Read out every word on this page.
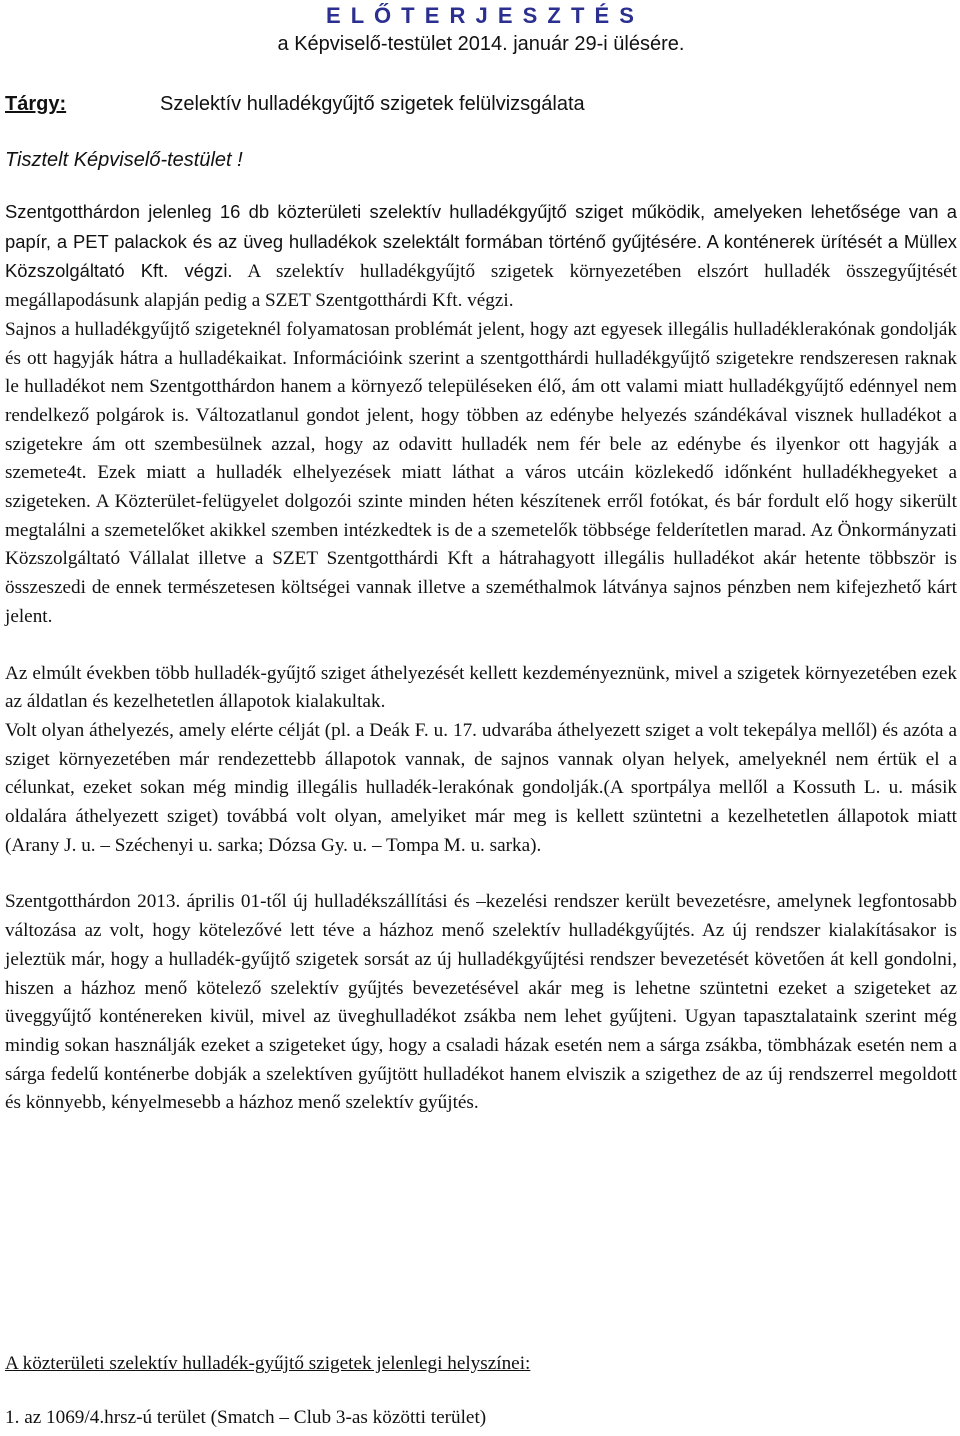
E L Ő T E R J E S Z T É S

a Képviselő-testület 2014. január 29-i ülésére.

Tárgy:	Szelektív hulladékgyűjtő szigetek felülvizsgálata
Tisztelt Képviselő-testület !

Szentgotthárdon jelenleg 16 db közterületi szelektív hulladékgyűjtő sziget működik, amelyeken lehetősége van a papír, a PET palackok és az üveg hulladékok szelektált formában történő gyűjtésére. A konténerek ürítését a Müllex Közszolgáltató Kft. végzi. A szelektív hulladékgyűjtő szigetek környezetében elszórt hulladék összegyűjtését megállapodásunk alapján pedig a SZET Szentgotthárdi Kft. végzi.

Sajnos a hulladékgyűjtő szigeteknél folyamatosan problémát jelent, hogy azt egyesek illegális hulladéklerakónak gondolják és ott hagyják hátra a hulladékaikat. Információink szerint a szentgotthárdi hulladékgyűjtő szigetekre rendszeresen raknak le hulladékot nem Szentgotthárdon hanem a környező településeken élő, ám ott valami miatt hulladékgyűjtő edénnyel nem rendelkező polgárok is. Változatlanul gondot jelent, hogy többen az edénybe helyezés szándékával visznek hulladékot a szigetekre ám ott szembesülnek azzal, hogy az odavitt hulladék nem fér bele az edénybe és ilyenkor ott hagyják a szemete4t. Ezek miatt a hulladék elhelyezések miatt láthat a város utcáin közlekedő időnként hulladékhegyeket a szigeteken. A Közterület-felügyelet dolgozói szinte minden héten készítenek erről fotókat, és bár fordult elő hogy sikerült megtalálni a szemetelőket akikkel szemben intézkedtek is de a szemetelők többsége felderítetlen marad. Az Önkormányzati Közszolgáltató Vállalat illetve a SZET Szentgotthárdi Kft a hátrahagyott illegális hulladékot akár hetente többször is összeszedi de ennek természetesen költségei vannak illetve a szeméthalmok látványa sajnos pénzben nem kifejezhető kárt jelent.

Az elmúlt években több hulladék-gyűjtő sziget áthelyezését kellett kezdeményeznünk, mivel a szigetek környezetében ezek az áldatlan és kezelhetetlen állapotok kialakultak.

Volt olyan áthelyezés, amely elérte célját (pl. a Deák F. u. 17. udvarába áthelyezett sziget a volt tekepálya mellől) és azóta a sziget környezetében már rendezettebb állapotok vannak, de sajnos vannak olyan helyek, amelyeknél nem értük el a célunkat, ezeket sokan még mindig illegális hulladék-lerakónak gondolják.(A sportpálya mellől a Kossuth L. u. másik oldalára áthelyezett sziget) továbbá volt olyan, amelyiket már meg is kellett szüntetni a kezelhetetlen állapotok miatt (Arany J. u. – Széchenyi u. sarka; Dózsa Gy. u. – Tompa M. u. sarka).

Szentgotthárdon 2013. április 01-től új hulladékszállítási és –kezelési rendszer került bevezetésre, amelynek legfontosabb változása az volt, hogy kötelezővé lett téve a házhoz menő szelektív hulladékgyűjtés. Az új rendszer kialakításakor is jeleztük már, hogy a hulladék-gyűjtő szigetek sorsát az új hulladékgyűjtési rendszer bevezetését követően át kell gondolni, hiszen a házhoz menő kötelező szelektív gyűjtés bevezetésével akár meg is lehetne szüntetni ezeket a szigeteket az üveggyűjtő konténereken kivül, mivel az üveghulladékot zsákba nem lehet gyűjteni. Ugyan tapasztalataink szerint még mindig sokan használják ezeket a szigeteket úgy, hogy a csaladi házak esetén nem a sárga zsákba, tömbházak esetén nem a sárga fedelű konténerbe dobják a szelektíven gyűjtött hulladékot hanem elviszik a szigethez de az új rendszerrel megoldott és könnyebb, kényelmesebb a házhoz menő szelektív gyűjtés.

A közterületi szelektív hulladék-gyűjtő szigetek jelenlegi helyszínei:
1. az 1069/4.hrsz-ú terület (Smatch – Club 3-as közötti terület)
